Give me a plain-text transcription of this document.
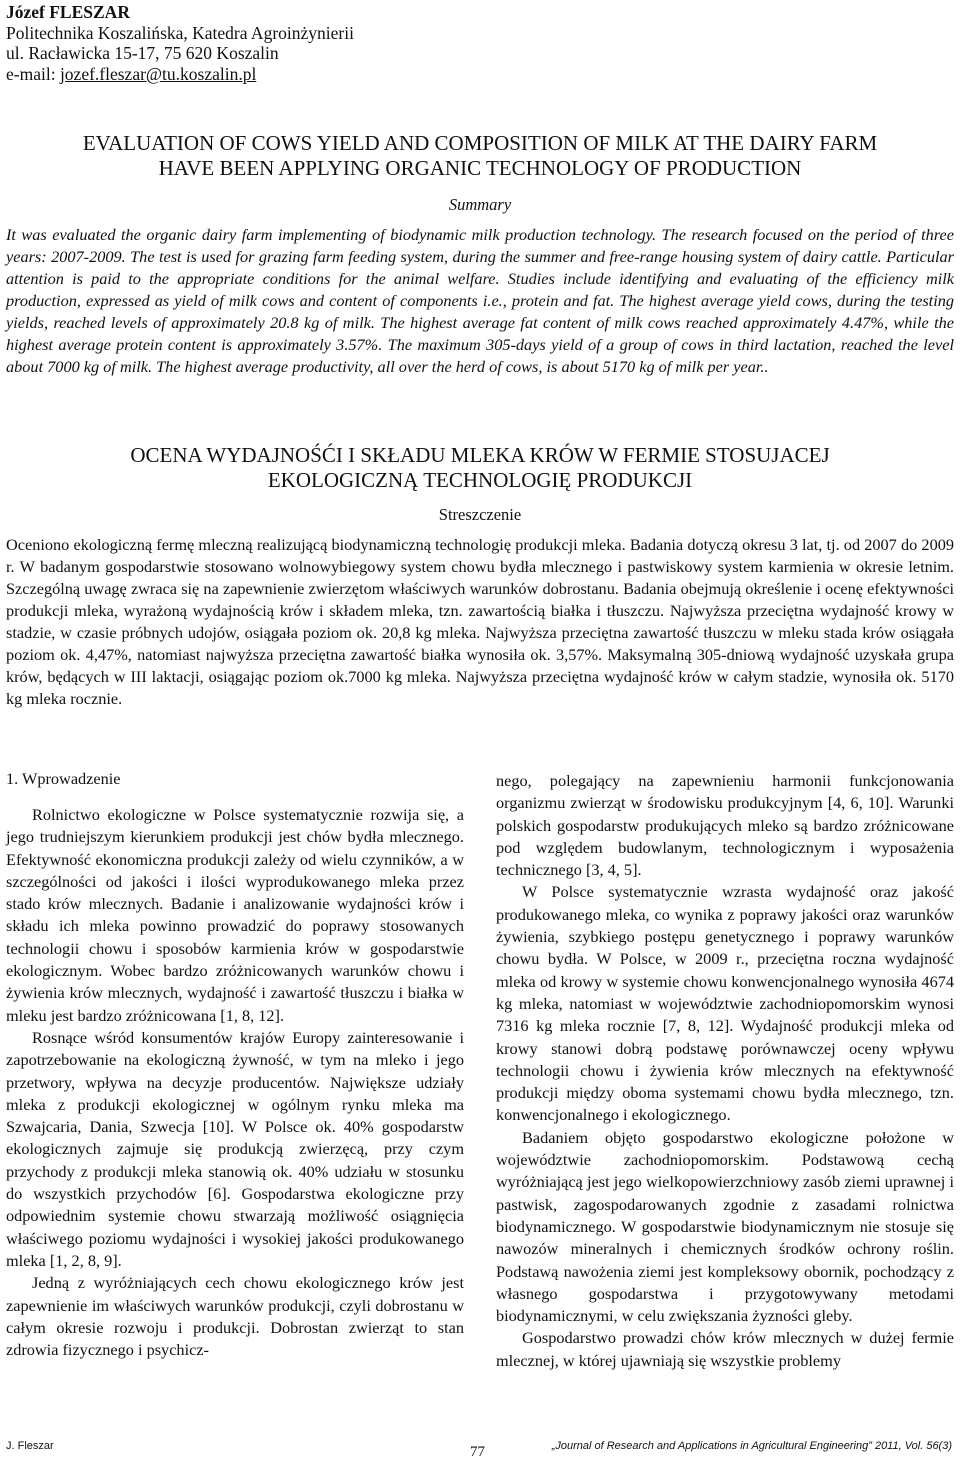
Józef FLESZAR
Politechnika Koszalińska, Katedra Agroinżynierii
ul. Racławicka 15-17, 75 620 Koszalin
e-mail: jozef.fleszar@tu.koszalin.pl
EVALUATION OF COWS YIELD AND COMPOSITION OF MILK AT THE DAIRY FARM
HAVE BEEN APPLYING ORGANIC TECHNOLOGY OF PRODUCTION
Summary

It was evaluated the organic dairy farm implementing of biodynamic milk production technology. The research focused on the period of three years: 2007-2009. The test is used for grazing farm feeding system, during the summer and free-range housing system of dairy cattle. Particular attention is paid to the appropriate conditions for the animal welfare. Studies include identifying and evaluating of the efficiency milk production, expressed as yield of milk cows and content of components i.e., protein and fat. The highest average yield cows, during the testing yields, reached levels of approximately 20.8 kg of milk. The highest average fat content of milk cows reached approximately 4.47%, while the highest average protein content is approximately 3.57%. The maximum 305-days yield of a group of cows in third lactation, reached the level about 7000 kg of milk. The highest average productivity, all over the herd of cows, is about 5170 kg of milk per year..

OCENA WYDAJNOŚĆI I SKŁADU MLEKA KRÓW W FERMIE STOSUJACEJ
EKOLOGICZNĄ TECHNOLOGIĘ PRODUKCJI
Streszczenie

Oceniono ekologiczną fermę mleczną realizującą biodynamiczną technologię produkcji mleka. Badania dotyczą okresu 3 lat, tj. od 2007 do 2009 r. W badanym gospodarstwie stosowano wolnowybiegowy system chowu bydła mlecznego i pastwiskowy system karmienia w okresie letnim. Szczególną uwagę zwraca się na zapewnienie zwierzętom właściwych warunków dobrostanu. Badania obejmują określenie i ocenę efektywności produkcji mleka, wyrażoną wydajnością krów i składem mleka, tzn. zawartością białka i tłuszczu. Najwyższa przeciętna wydajność krowy w stadzie, w czasie próbnych udojów, osiągała poziom ok. 20,8 kg mleka. Najwyższa przeciętna zawartość tłuszczu w mleku stada krów osiągała poziom ok. 4,47%, natomiast najwyższa przeciętna zawartość białka wynosiła ok. 3,57%. Maksymalną 305-dniową wydajność uzyskała grupa krów, będących w III laktacji, osiągając poziom ok.7000 kg mleka. Najwyższa przeciętna wydajność krów w całym stadzie, wynosiła ok. 5170 kg mleka rocznie.

1. Wprowadzenie

Rolnictwo ekologiczne w Polsce systematycznie rozwija się, a jego trudniejszym kierunkiem produkcji jest chów bydła mlecznego. Efektywność ekonomiczna produkcji zależy od wielu czynników, a w szczególności od jakości i ilości wyprodukowanego mleka przez stado krów mlecznych. Badanie i analizowanie wydajności krów i składu ich mleka powinno prowadzić do poprawy stosowanych technologii chowu i sposobów karmienia krów w gospodarstwie ekologicznym. Wobec bardzo zróżnicowanych warunków chowu i żywienia krów mlecznych, wydajność i zawartość tłuszczu i białka w mleku jest bardzo zróżnicowana [1, 8, 12].

Rosnące wśród konsumentów krajów Europy zainteresowanie i zapotrzebowanie na ekologiczną żywność, w tym na mleko i jego przetwory, wpływa na decyzje producentów. Największe udziały mleka z produkcji ekologicznej w ogólnym rynku mleka ma Szwajcaria, Dania, Szwecja [10]. W Polsce ok. 40% gospodarstw ekologicznych zajmuje się produkcją zwierzęcą, przy czym przychody z produkcji mleka stanowią ok. 40% udziału w stosunku do wszystkich przychodów [6]. Gospodarstwa ekologiczne przy odpowiednim systemie chowu stwarzają możliwość osiągnięcia właściwego poziomu wydajności i wysokiej jakości produkowanego mleka [1, 2, 8, 9].

Jedną z wyróżniających cech chowu ekologicznego krów jest zapewnienie im właściwych warunków produkcji, czyli dobrostanu w całym okresie rozwoju i produkcji. Dobrostan zwierząt to stan zdrowia fizycznego i psychicz-

nego, polegający na zapewnieniu harmonii funkcjonowania organizmu zwierząt w środowisku produkcyjnym [4, 6, 10]. Warunki polskich gospodarstw produkujących mleko są bardzo zróżnicowane pod względem budowlanym, technologicznym i wyposażenia technicznego [3, 4, 5].

W Polsce systematycznie wzrasta wydajność oraz jakość produkowanego mleka, co wynika z poprawy jakości oraz warunków żywienia, szybkiego postępu genetycznego i poprawy warunków chowu bydła. W Polsce, w 2009 r., przeciętna roczna wydajność mleka od krowy w systemie chowu konwencjonalnego wynosiła 4674 kg mleka, natomiast w województwie zachodniopomorskim wynosi 7316 kg mleka rocznie [7, 8, 12]. Wydajność produkcji mleka od krowy stanowi dobrą podstawę porównawczej oceny wpływu technologii chowu i żywienia krów mlecznych na efektywność produkcji między oboma systemami chowu bydła mlecznego, tzn. konwencjonalnego i ekologicznego.

Badaniem objęto gospodarstwo ekologiczne położone w województwie zachodniopomorskim. Podstawową cechą wyróżniającą jest jego wielkopowierzchniowy zasób ziemi uprawnej i pastwisk, zagospodarowanych zgodnie z zasadami rolnictwa biodynamicznego. W gospodarstwie biodynamicznym nie stosuje się nawozów mineralnych i chemicznych środków ochrony roślin. Podstawą nawożenia ziemi jest kompleksowy obornik, pochodzący z własnego gospodarstwa i przygotowywany metodami biodynamicznymi, w celu zwiększania żyzności gleby.

Gospodarstwo prowadzi chów krów mlecznych w dużej fermie mlecznej, w której ujawniają się wszystkie problemy

J. Fleszar	77	„Journal of Research and Applications in Agricultural Engineering” 2011, Vol. 56(3)
